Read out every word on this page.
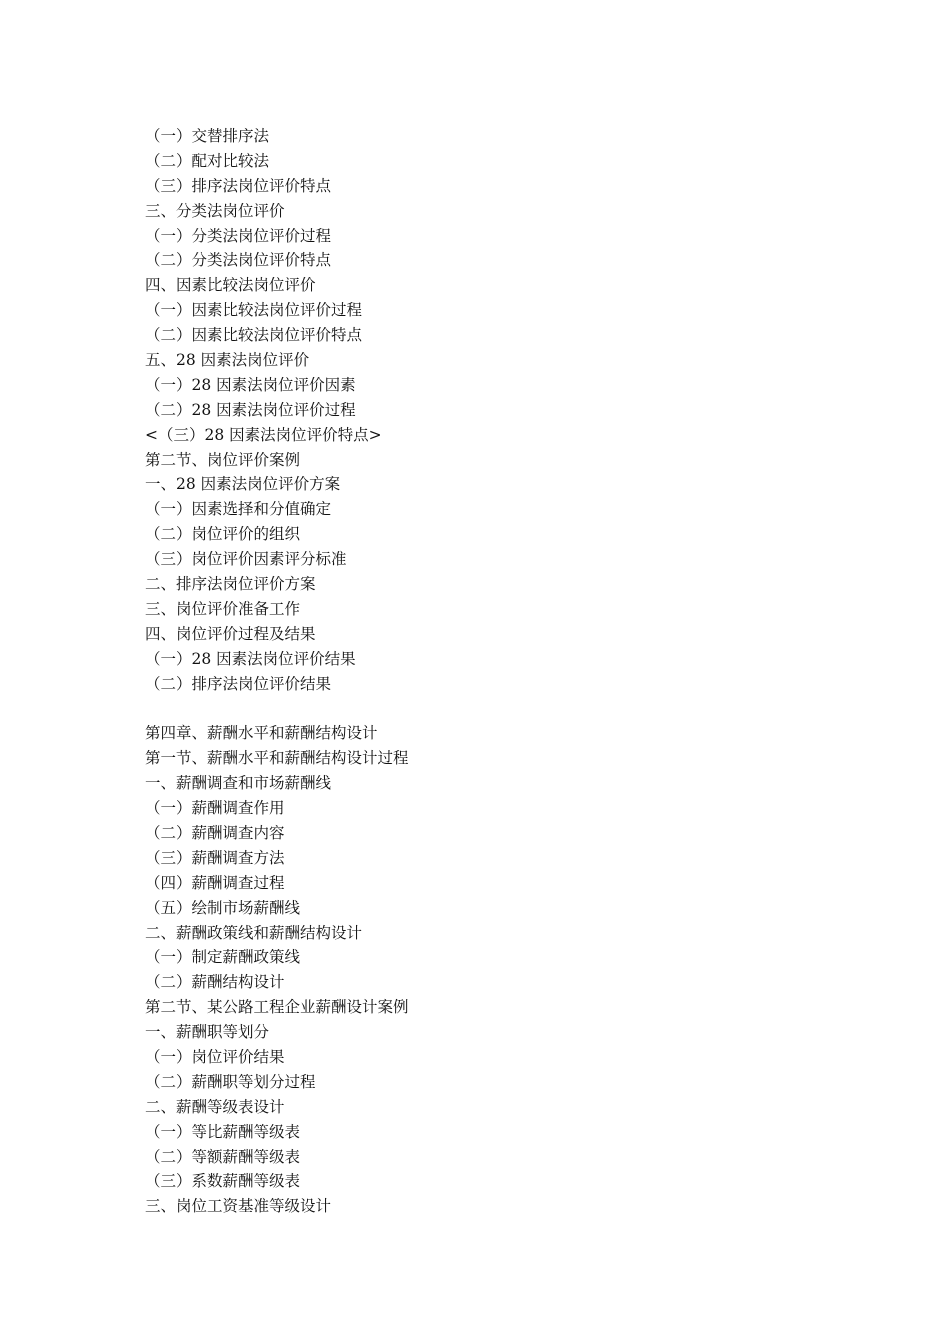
（一）交替排序法
（二）配对比较法
（三）排序法岗位评价特点
三、分类法岗位评价
（一）分类法岗位评价过程
（二）分类法岗位评价特点
四、因素比较法岗位评价
（一）因素比较法岗位评价过程
（二）因素比较法岗位评价特点
五、28 因素法岗位评价
（一）28 因素法岗位评价因素
（二）28 因素法岗位评价过程
<（三）28 因素法岗位评价特点>
第二节、岗位评价案例
一、28 因素法岗位评价方案
（一）因素选择和分值确定
（二）岗位评价的组织
（三）岗位评价因素评分标准
二、排序法岗位评价方案
三、岗位评价准备工作
四、岗位评价过程及结果
（一）28 因素法岗位评价结果
（二）排序法岗位评价结果
第四章、薪酬水平和薪酬结构设计
第一节、薪酬水平和薪酬结构设计过程
一、薪酬调查和市场薪酬线
（一）薪酬调查作用
（二）薪酬调查内容
（三）薪酬调查方法
（四）薪酬调查过程
（五）绘制市场薪酬线
二、薪酬政策线和薪酬结构设计
（一）制定薪酬政策线
（二）薪酬结构设计
第二节、某公路工程企业薪酬设计案例
一、薪酬职等划分
（一）岗位评价结果
（二）薪酬职等划分过程
二、薪酬等级表设计
（一）等比薪酬等级表
（二）等额薪酬等级表
（三）系数薪酬等级表
三、岗位工资基准等级设计
